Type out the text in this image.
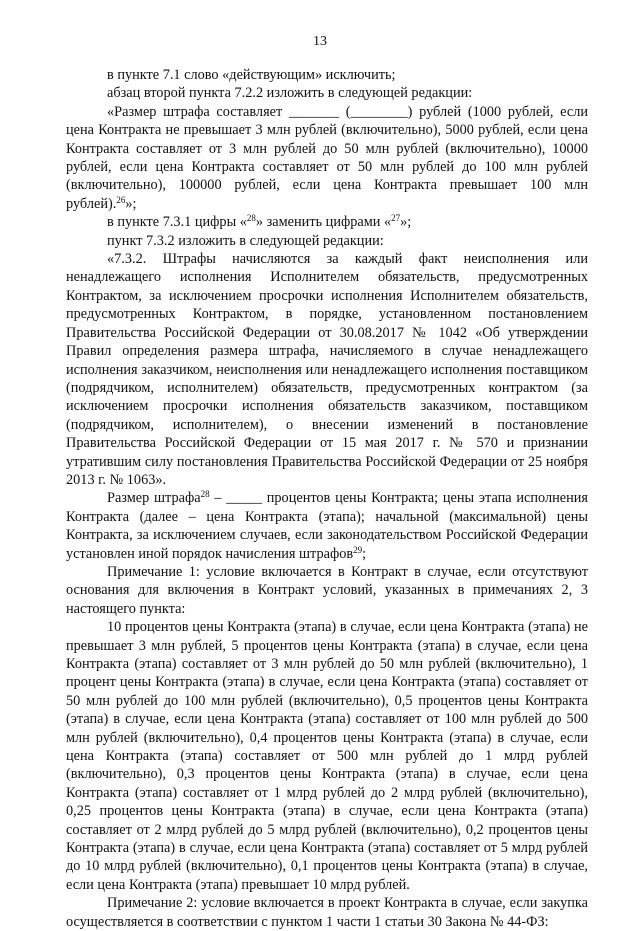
13

в пункте 7.1 слово «действующим» исключить;

абзац второй пункта 7.2.2 изложить в следующей редакции:

«Размер штрафа составляет _______ (________) рублей (1000 рублей, если цена Контракта не превышает 3 млн рублей (включительно), 5000 рублей, если цена Контракта составляет от 3 млн рублей до 50 млн рублей (включительно), 10000 рублей, если цена Контракта составляет от 50 млн рублей до 100 млн рублей (включительно), 100000 рублей, если цена Контракта превышает 100 млн рублей).$^{26}$»;

в пункте 7.3.1 цифры «$^{28}$» заменить цифрами «$^{27}$»;

пункт 7.3.2 изложить в следующей редакции:

«7.3.2. Штрафы начисляются за каждый факт неисполнения или ненадлежащего исполнения Исполнителем обязательств, предусмотренных Контрактом, за исключением просрочки исполнения Исполнителем обязательств, предусмотренных Контрактом, в порядке, установленном постановлением Правительства Российской Федерации от 30.08.2017 № 1042 «Об утверждении Правил определения размера штрафа, начисляемого в случае ненадлежащего исполнения заказчиком, неисполнения или ненадлежащего исполнения поставщиком (подрядчиком, исполнителем) обязательств, предусмотренных контрактом (за исключением просрочки исполнения обязательств заказчиком, поставщиком (подрядчиком, исполнителем), о внесении изменений в постановление Правительства Российской Федерации от 15 мая 2017 г. № 570 и признании утратившим силу постановления Правительства Российской Федерации от 25 ноября 2013 г. № 1063».

Размер штрафа$^{28}$ – _____ процентов цены Контракта; цены этапа исполнения Контракта (далее – цена Контракта (этапа); начальной (максимальной) цены Контракта, за исключением случаев, если законодательством Российской Федерации установлен иной порядок начисления штрафов$^{29}$;

Примечание 1: условие включается в Контракт в случае, если отсутствуют основания для включения в Контракт условий, указанных в примечаниях 2, 3 настоящего пункта:

10 процентов цены Контракта (этапа) в случае, если цена Контракта (этапа) не превышает 3 млн рублей, 5 процентов цены Контракта (этапа) в случае, если цена Контракта (этапа) составляет от 3 млн рублей до 50 млн рублей (включительно), 1 процент цены Контракта (этапа) в случае, если цена Контракта (этапа) составляет от 50 млн рублей до 100 млн рублей (включительно), 0,5 процентов цены Контракта (этапа) в случае, если цена Контракта (этапа) составляет от 100 млн рублей до 500 млн рублей (включительно), 0,4 процентов цены Контракта (этапа) в случае, если цена Контракта (этапа) составляет от 500 млн рублей до 1 млрд рублей (включительно), 0,3 процентов цены Контракта (этапа) в случае, если цена Контракта (этапа) составляет от 1 млрд рублей до 2 млрд рублей (включительно), 0,25 процентов цены Контракта (этапа) в случае, если цена Контракта (этапа) составляет от 2 млрд рублей до 5 млрд рублей (включительно), 0,2 процентов цены Контракта (этапа) в случае, если цена Контракта (этапа) составляет от 5 млрд рублей до 10 млрд рублей (включительно), 0,1 процентов цены Контракта (этапа) в случае, если цена Контракта (этапа) превышает 10 млрд рублей.

Примечание 2: условие включается в проект Контракта в случае, если закупка осуществляется в соответствии с пунктом 1 части 1 статьи 30 Закона № 44-ФЗ:
